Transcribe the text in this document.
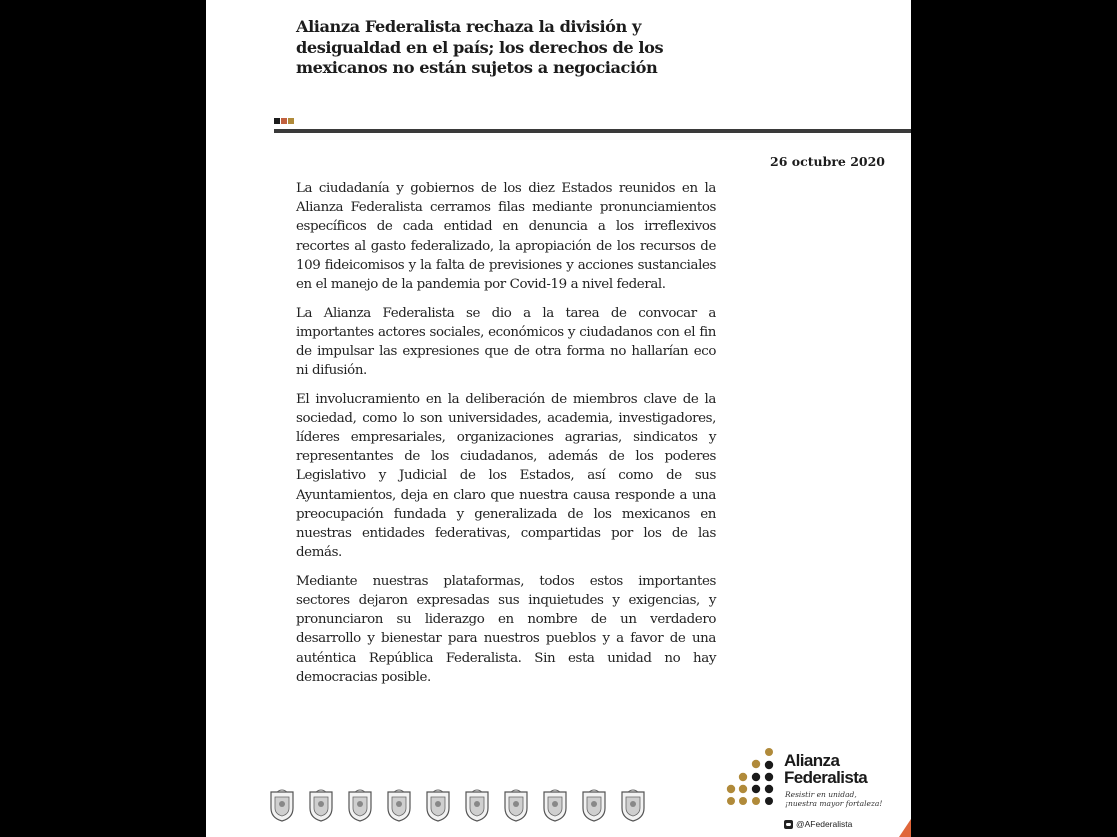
Alianza Federalista rechaza la división y desigualdad en el país; los derechos de los mexicanos no están sujetos a negociación
26 octubre 2020

La ciudadanía y gobiernos de los diez Estados reunidos en la Alianza Federalista cerramos filas mediante pronunciamientos específicos de cada entidad en denuncia a los irreflexivos recortes al gasto federalizado, la apropiación de los recursos de 109 fideicomisos y la falta de previsiones y acciones sustanciales en el manejo de la pandemia por Covid-19 a nivel federal.

La Alianza Federalista se dio a la tarea de convocar a importantes actores sociales, económicos y ciudadanos con el fin de impulsar las expresiones que de otra forma no hallarían eco ni difusión.

El involucramiento en la deliberación de miembros clave de la sociedad, como lo son universidades, academia, investigadores, líderes empresariales, organizaciones agrarias, sindicatos y representantes de los ciudadanos, además de los poderes Legislativo y Judicial de los Estados, así como de sus Ayuntamientos, deja en claro que nuestra causa responde a una preocupación fundada y generalizada de los mexicanos en nuestras entidades federativas, compartidas por los de las demás.

Mediante nuestras plataformas, todos estos importantes sectores dejaron expresadas sus inquietudes y exigencias, y pronunciaron su liderazgo en nombre de un verdadero desarrollo y bienestar para nuestros pueblos y a favor de una auténtica República Federalista. Sin esta unidad no hay democracias posible.

Alianza
Federalista
Resistir en unidad,
¡nuestra mayor fortaleza!
@AFederalista
